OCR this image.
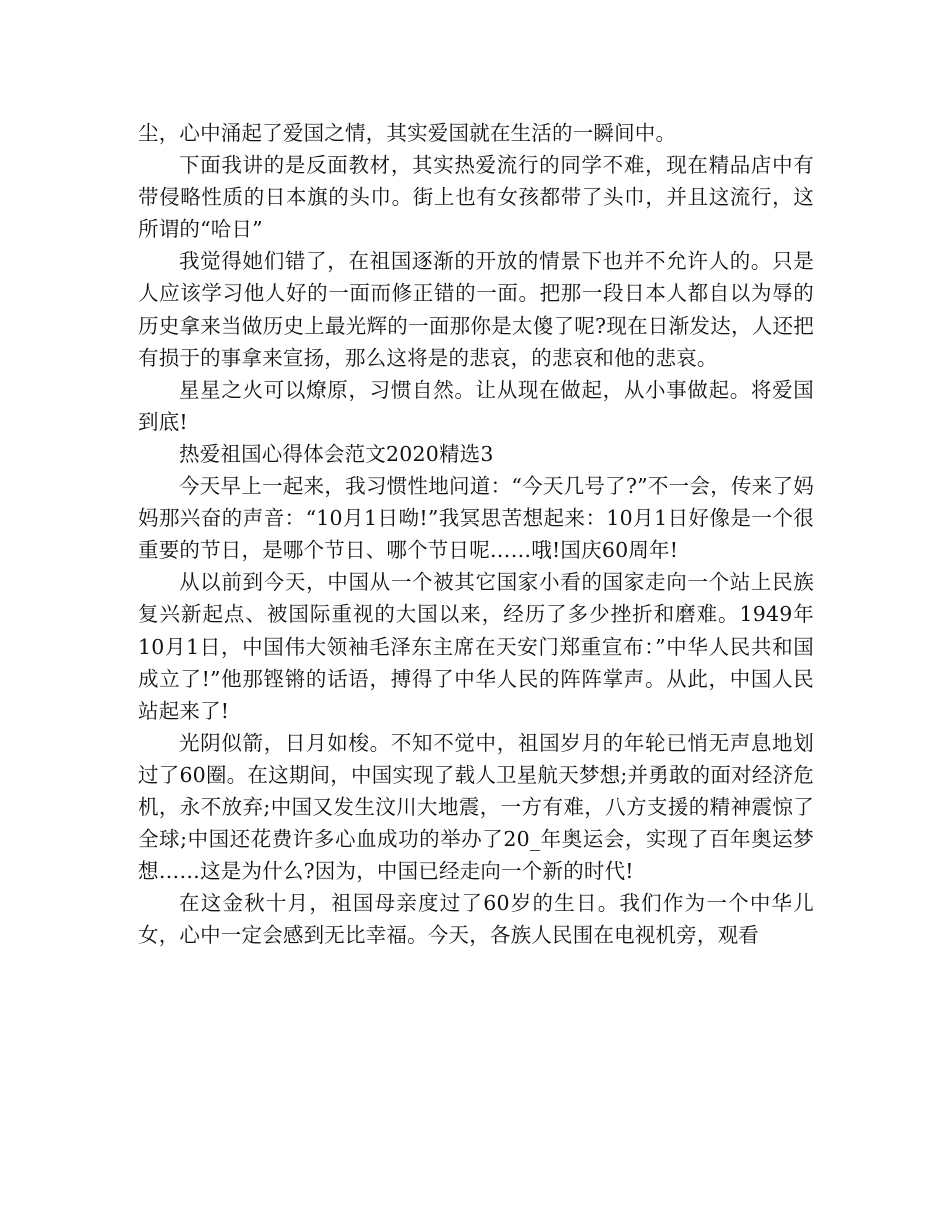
尘，心中涌起了爱国之情，其实爱国就在生活的一瞬间中。

下面我讲的是反面教材，其实热爱流行的同学不难，现在精品店中有带侵略性质的日本旗的头巾。街上也有女孩都带了头巾，并且这流行，这所谓的“哈日”

我觉得她们错了，在祖国逐渐的开放的情景下也并不允许人的。只是人应该学习他人好的一面而修正错的一面。把那一段日本人都自以为辱的历史拿来当做历史上最光辉的一面那你是太傻了呢?现在日渐发达，人还把有损于的事拿来宣扬，那么这将是的悲哀，的悲哀和他的悲哀。

星星之火可以燎原，习惯自然。让从现在做起，从小事做起。将爱国到底!

热爱祖国心得体会范文2020精选3

今天早上一起来，我习惯性地问道：“今天几号了?”不一会，传来了妈妈那兴奋的声音：“10月1日呦!”我冥思苦想起来：10月1日好像是一个很重要的节日，是哪个节日、哪个节日呢……哦!国庆60周年!

从以前到今天，中国从一个被其它国家小看的国家走向一个站上民族复兴新起点、被国际重视的大国以来，经历了多少挫折和磨难。1949年10月1日，中国伟大领袖毛泽东主席在天安门郑重宣布：”中华人民共和国成立了!”他那铿锵的话语，搏得了中华人民的阵阵掌声。从此，中国人民站起来了!

光阴似箭，日月如梭。不知不觉中，祖国岁月的年轮已悄无声息地划过了60圈。在这期间，中国实现了载人卫星航天梦想;并勇敢的面对经济危机，永不放弃;中国又发生汶川大地震，一方有难，八方支援的精神震惊了全球;中国还花费许多心血成功的举办了20_年奥运会，实现了百年奥运梦想……这是为什么?因为，中国已经走向一个新的时代!

在这金秋十月，祖国母亲度过了60岁的生日。我们作为一个中华儿女，心中一定会感到无比幸福。今天，各族人民围在电视机旁，观看
